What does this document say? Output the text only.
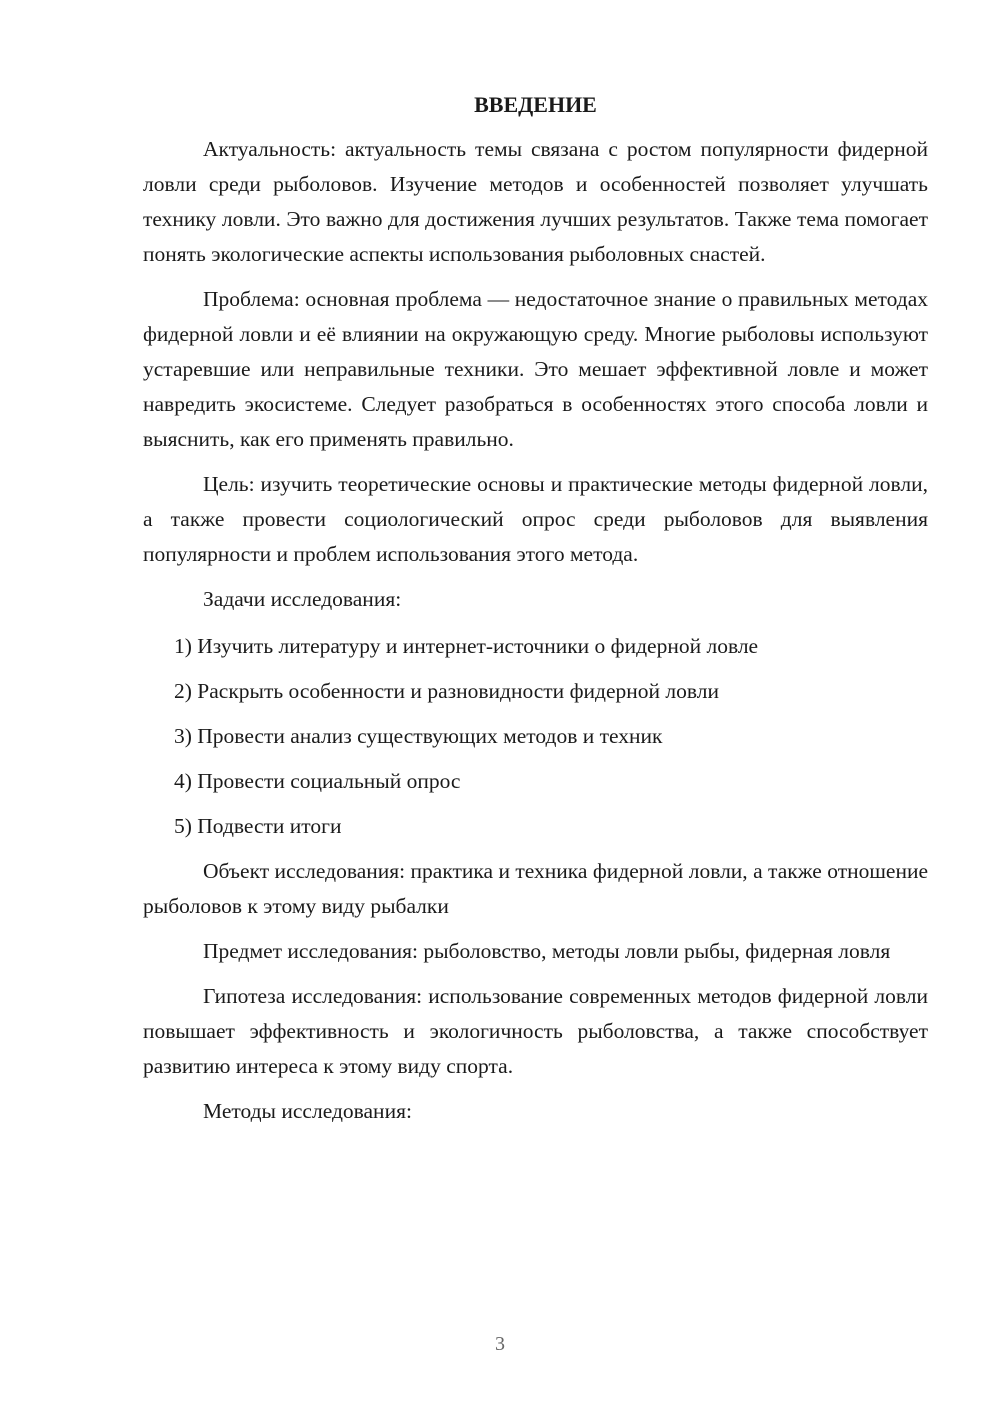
ВВЕДЕНИЕ

Актуальность: актуальность темы связана с ростом популярности фидерной ловли среди рыболовов. Изучение методов и особенностей позволяет улучшать технику ловли. Это важно для достижения лучших результатов. Также тема помогает понять экологические аспекты использования рыболовных снастей.

Проблема: основная проблема — недостаточное знание о правильных методах фидерной ловли и её влиянии на окружающую среду. Многие рыболовы используют устаревшие или неправильные техники. Это мешает эффективной ловле и может навредить экосистеме. Следует разобраться в особенностях этого способа ловли и выяснить, как его применять правильно.

Цель: изучить теоретические основы и практические методы фидерной ловли, а также провести социологический опрос среди рыболовов для выявления популярности и проблем использования этого метода.

Задачи исследования:

1) Изучить литературу и интернет-источники о фидерной ловле
2) Раскрыть особенности и разновидности фидерной ловли
3) Провести анализ существующих методов и техник
4) Провести социальный опрос
5) Подвести итоги

Объект исследования: практика и техника фидерной ловли, а также отношение рыболовов к этому виду рыбалки

Предмет исследования: рыболовство, методы ловли рыбы, фидерная ловля

Гипотеза исследования: использование современных методов фидерной ловли повышает эффективность и экологичность рыболовства, а также способствует развитию интереса к этому виду спорта.

Методы исследования:

3
